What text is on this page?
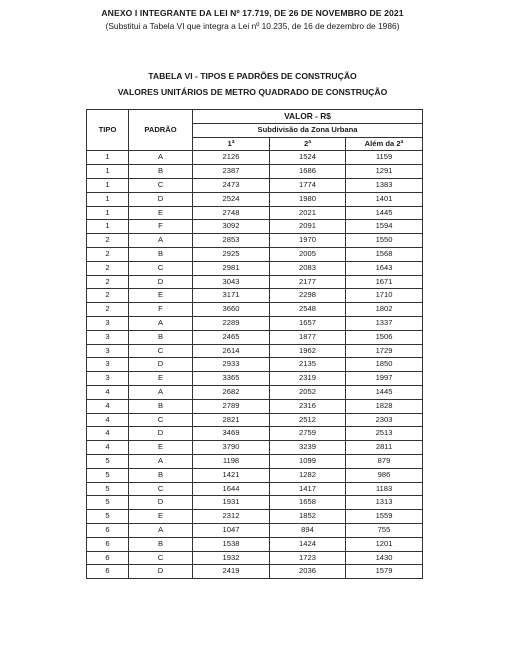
ANEXO I INTEGRANTE DA LEI Nº 17.719, DE 26 DE NOVEMBRO DE 2021
(Substitui a Tabela VI que integra a Lei nº 10.235, de 16 de dezembro de 1986)
TABELA VI - TIPOS E PADRÕES DE CONSTRUÇÃO
VALORES UNITÁRIOS DE METRO QUADRADO DE CONSTRUÇÃO
TIPO	PADRÃO	VALOR - R$		
		Subdivisão da Zona Urbana		
		1ª	2ª	Além da 2ª
1	A	2126	1524	1159
1	B	2387	1686	1291
1	C	2473	1774	1383
1	D	2524	1980	1401
1	E	2748	2021	1445
1	F	3092	2091	1594
2	A	2853	1970	1550
2	B	2925	2005	1568
2	C	2981	2083	1643
2	D	3043	2177	1671
2	E	3171	2298	1710
2	F	3660	2548	1802
3	A	2289	1657	1337
3	B	2465	1877	1506
3	C	2614	1962	1729
3	D	2933	2135	1850
3	E	3365	2319	1997
4	A	2682	2052	1445
4	B	2789	2316	1828
4	C	2821	2512	2303
4	D	3469	2759	2513
4	E	3790	3239	2811
5	A	1198	1099	879
5	B	1421	1282	986
5	C	1644	1417	1183
5	D	1931	1658	1313
5	E	2312	1852	1559
6	A	1047	894	755
6	B	1538	1424	1201
6	C	1932	1723	1430
6	D	2419	2036	1579
